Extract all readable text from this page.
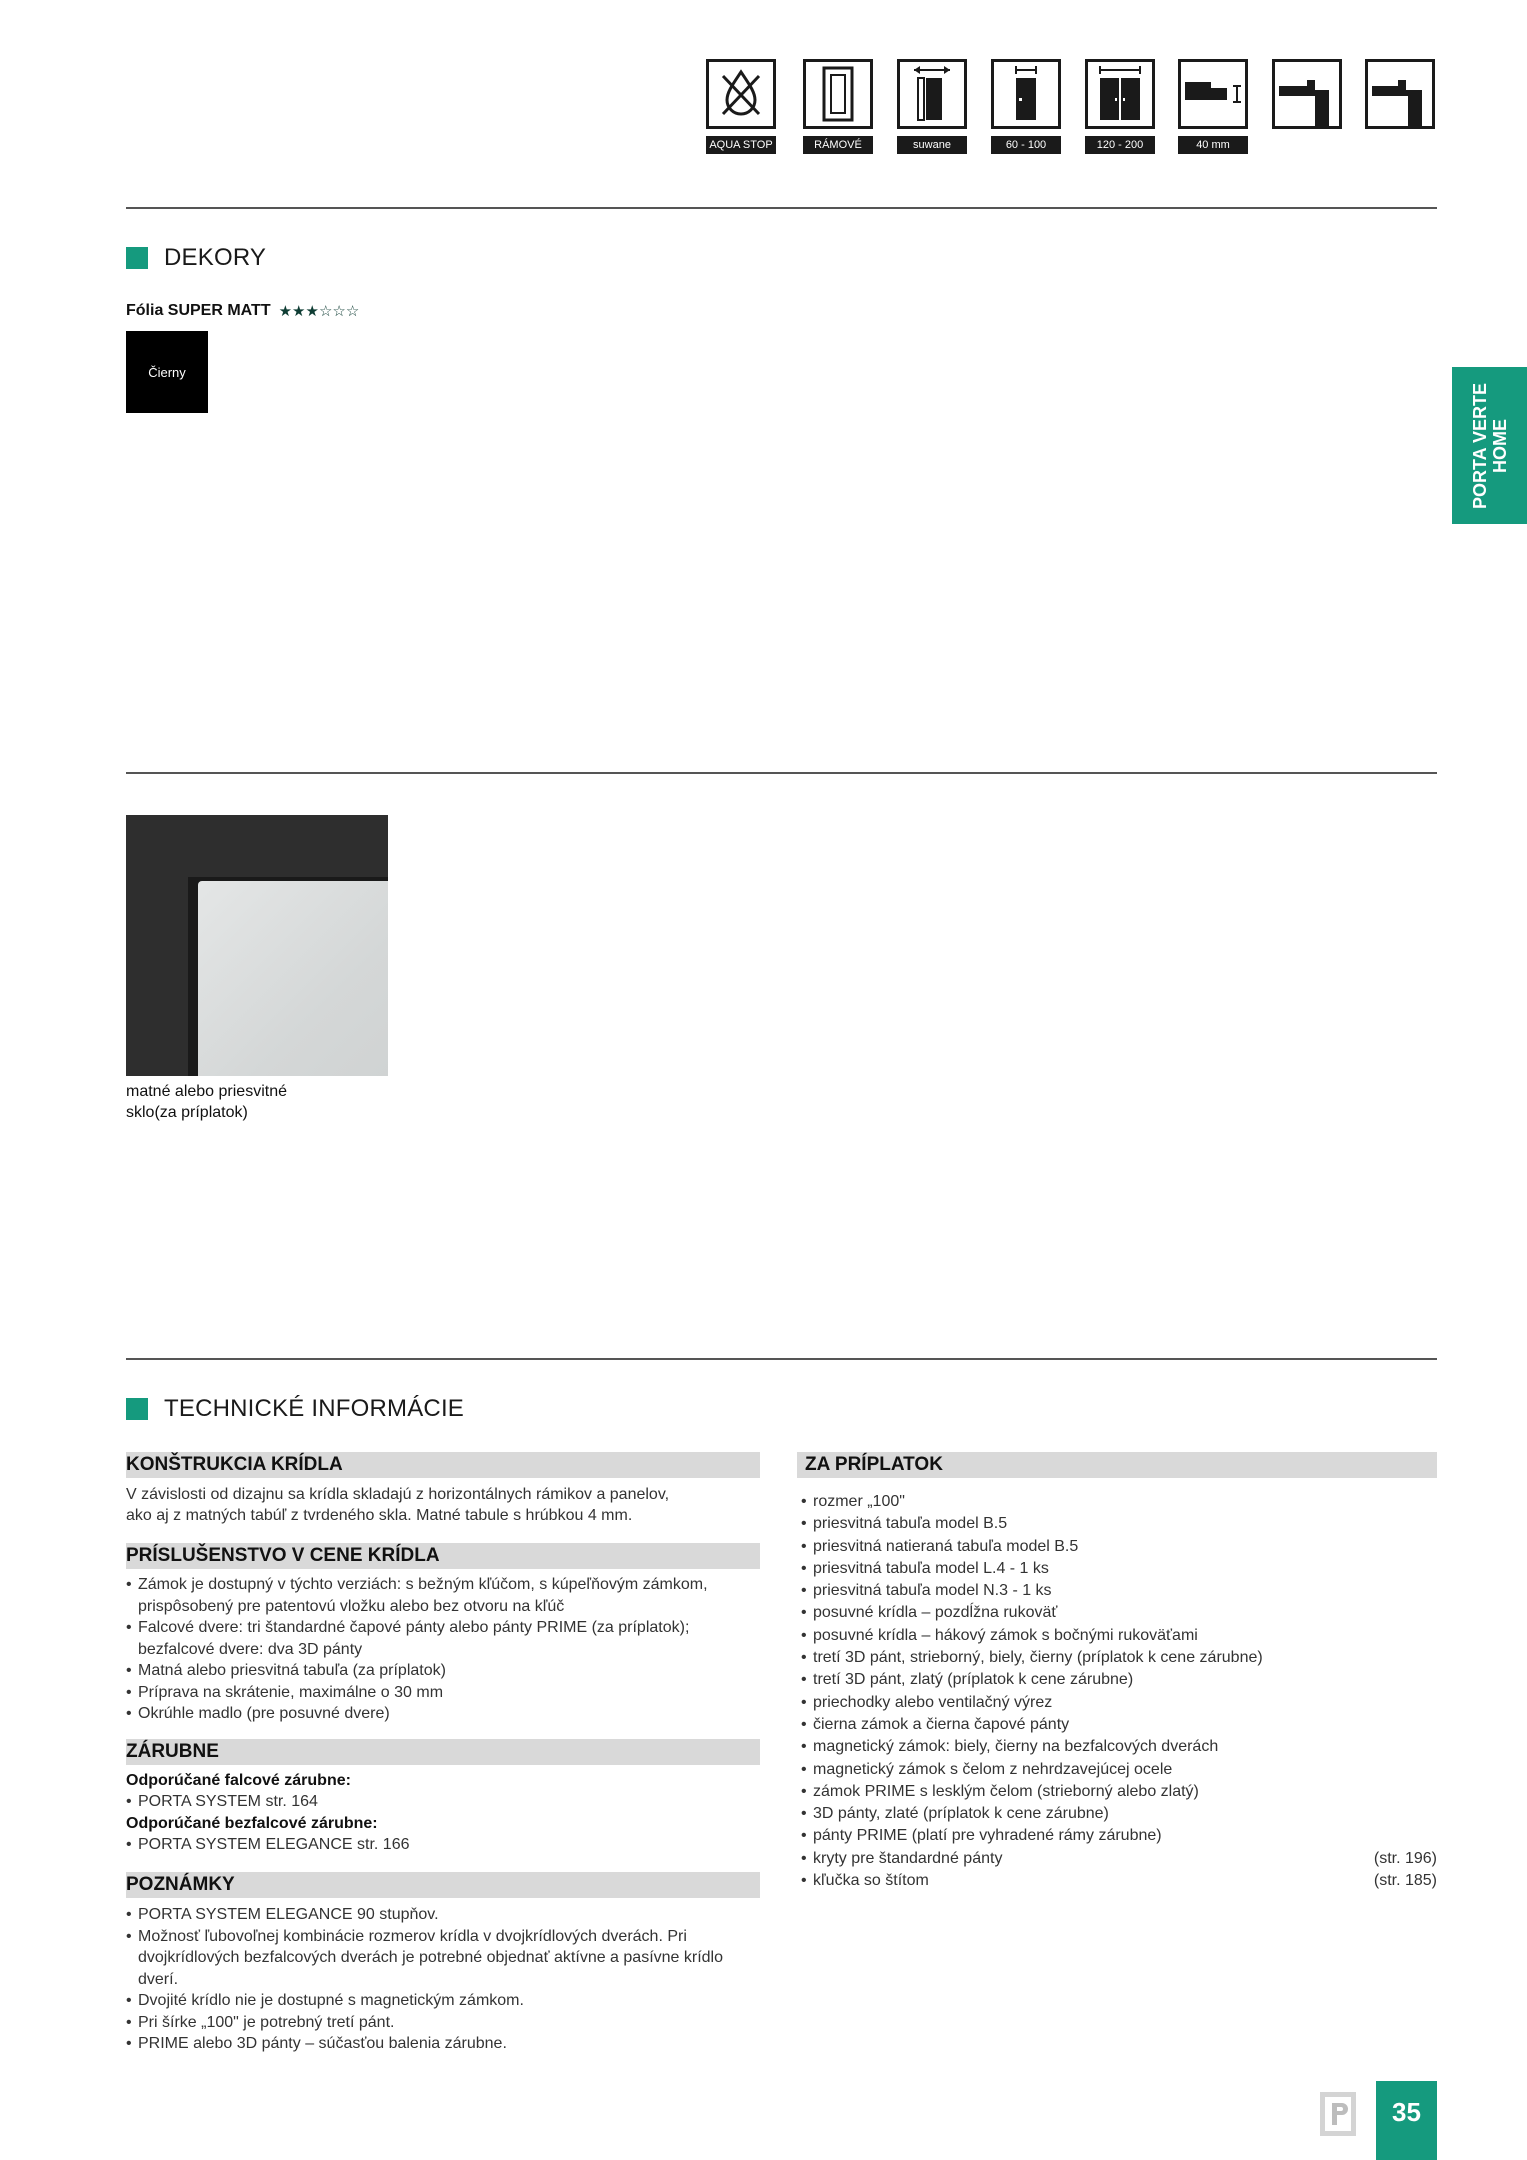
AQUA STOP	RÁMOVÉ	suwane	60 - 100	120 - 200	40 mm
DEKORY
Fólia SUPER MATT ★★★☆☆☆
Čierny
PORTA VERTE HOME
matné alebo priesvitné
sklo(za príplatok)
TECHNICKÉ INFORMÁCIE
KONŠTRUKCIA KRÍDLA
V závislosti od dizajnu sa krídla skladajú z horizontálnych rámikov a panelov,
ako aj z matných tabúľ z tvrdeného skla. Matné tabule s hrúbkou 4 mm.
PRÍSLUŠENSTVO V CENE KRÍDLA
• Zámok je dostupný v týchto verziách: s bežným kľúčom, s kúpeľňovým zámkom, prispôsobený pre patentovú vložku alebo bez otvoru na kľúč
• Falcové dvere: tri štandardné čapové pánty alebo pánty PRIME (za príplatok); bezfalcové dvere: dva 3D pánty
• Matná alebo priesvitná tabuľa (za príplatok)
• Príprava na skrátenie, maximálne o 30 mm
• Okrúhle madlo (pre posuvné dvere)
ZÁRUBNE
Odporúčané falcové zárubne:
• PORTA SYSTEM str. 164
Odporúčané bezfalcové zárubne:
• PORTA SYSTEM ELEGANCE str. 166
POZNÁMKY
• PORTA SYSTEM ELEGANCE 90 stupňov.
• Možnosť ľubovoľnej kombinácie rozmerov krídla v dvojkrídlových dverách. Pri dvojkrídlových bezfalcových dverách je potrebné objednať aktívne a pasívne krídlo dverí.
• Dvojité krídlo nie je dostupné s magnetickým zámkom.
• Pri šírke „100" je potrebný tretí pánt.
• PRIME alebo 3D pánty – súčasťou balenia zárubne.
ZA PRÍPLATOK
• rozmer „100"
• priesvitná tabuľa model B.5
• priesvitná natieraná tabuľa model B.5
• priesvitná tabuľa model L.4 - 1 ks
• priesvitná tabuľa model N.3 - 1 ks
• posuvné krídla – pozdĺžna rukoväť
• posuvné krídla – hákový zámok s bočnými rukoväťami
• tretí 3D pánt, strieborný, biely, čierny (príplatok k cene zárubne)
• tretí 3D pánt, zlatý (príplatok k cene zárubne)
• priechodky alebo ventilačný výrez
• čierna zámok a čierna čapové pánty
• magnetický zámok: biely, čierny na bezfalcových dverách
• magnetický zámok s čelom z nehrdzavejúcej ocele
• zámok PRIME s lesklým čelom (strieborný alebo zlatý)
• 3D pánty, zlaté (príplatok k cene zárubne)
• pánty PRIME (platí pre vyhradené rámy zárubne)
• kryty pre štandardné pánty	(str. 196)
• kľučka so štítom	(str. 185)
35
